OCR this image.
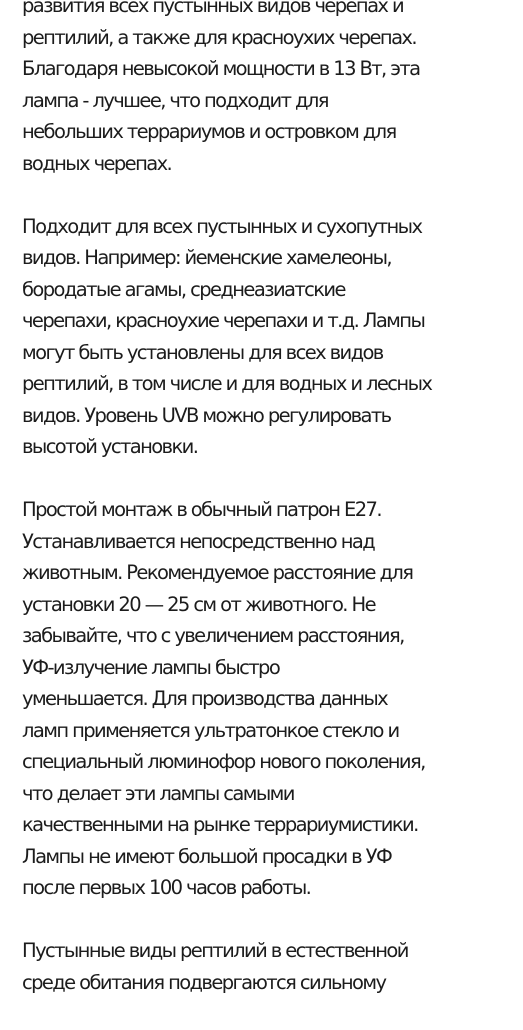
развития всех пустынных видов черепах и
рептилий, а также для красноухих черепах.
Благодаря невысокой мощности в 13 Вт, эта
лампа - лучшее, что подходит для
небольших террариумов и островком для
водных черепах.

Подходит для всех пустынных и сухопутных
видов. Например: йеменские хамелеоны,
бородатые агамы, среднеазиатские
черепахи, красноухие черепахи и т.д. Лампы
могут быть установлены для всех видов
рептилий, в том числе и для водных и лесных
видов. Уровень UVB можно регулировать
высотой установки.

Простой монтаж в обычный патрон Е27.
Устанавливается непосредственно над
животным. Рекомендуемое расстояние для
установки 20 — 25 см от животного. Не
забывайте, что с увеличением расстояния,
УФ-излучение лампы быстро
уменьшается. Для производства данных
ламп применяется ультратонкое стекло и
специальный люминофор нового поколения,
что делает эти лампы самыми
качественными на рынке террариумистики.
Лампы не имеют большой просадки в УФ
после первых 100 часов работы.

Пустынные виды рептилий в естественной
среде обитания подвергаются сильному
